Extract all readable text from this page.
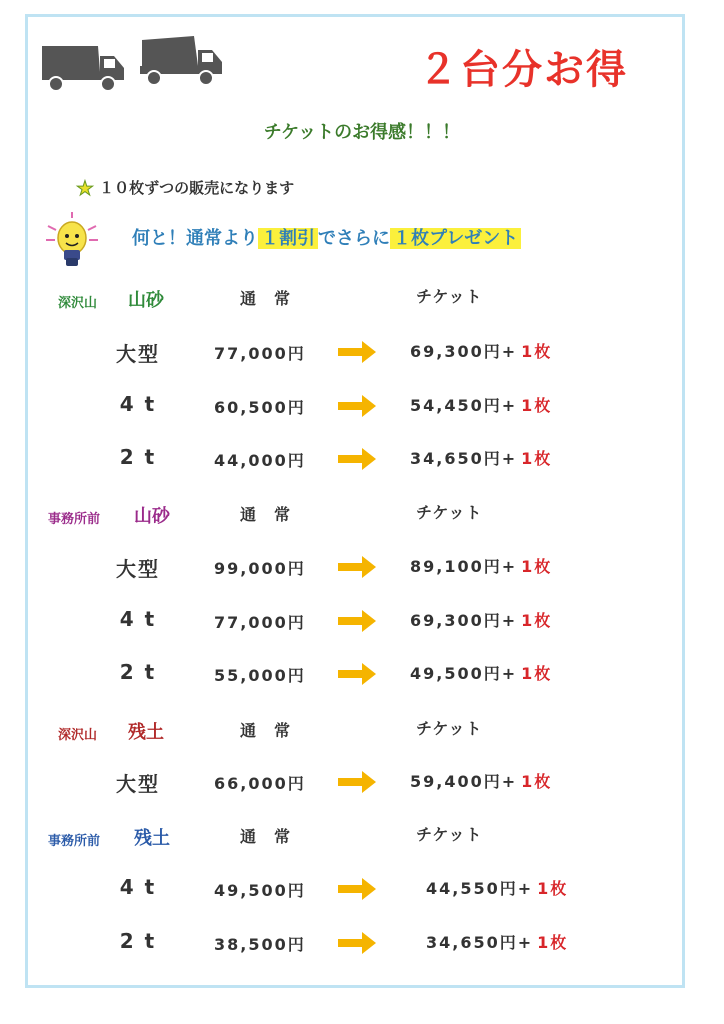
２台分お得
チケットのお得感！！！
★ １０枚ずつの販売になります
何と！通常より １割引 でさらに １枚プレゼント
深沢山 山砂	通　常	チケット
大型	77,000円	69,300円+ 1枚
4 t	60,500円	54,450円+ 1枚
2 t	44,000円	34,650円+ 1枚
事務所前 山砂	通　常	チケット
大型	99,000円	89,100円+ 1枚
4 t	77,000円	69,300円+ 1枚
2 t	55,000円	49,500円+ 1枚
深沢山 残土	通　常	チケット
大型	66,000円	59,400円+ 1枚
事務所前 残土	通　常	チケット
4 t	49,500円	44,550円+ 1枚
2 t	38,500円	34,650円+ 1枚
